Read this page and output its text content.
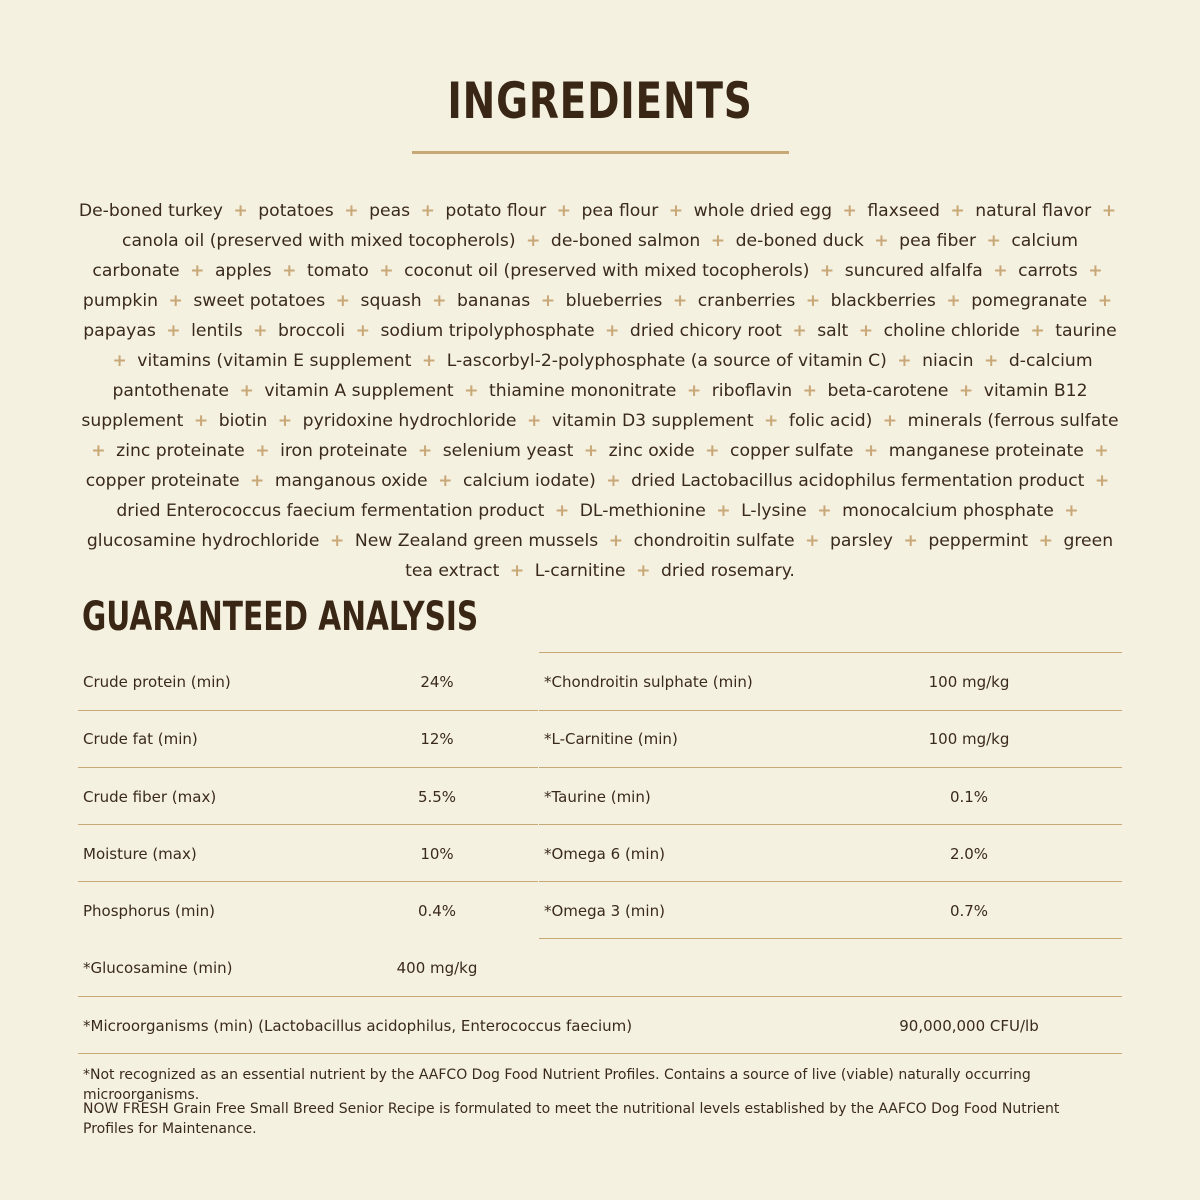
INGREDIENTS
De-boned turkey + potatoes + peas + potato flour + pea flour + whole dried egg + flaxseed + natural flavor + canola oil (preserved with mixed tocopherols) + de-boned salmon + de-boned duck + pea fiber + calcium carbonate + apples + tomato + coconut oil (preserved with mixed tocopherols) + suncured alfalfa + carrots + pumpkin + sweet potatoes + squash + bananas + blueberries + cranberries + blackberries + pomegranate + papayas + lentils + broccoli + sodium tripolyphosphate + dried chicory root + salt + choline chloride + taurine + vitamins (vitamin E supplement + L-ascorbyl-2-polyphosphate (a source of vitamin C) + niacin + d-calcium pantothenate + vitamin A supplement + thiamine mononitrate + riboflavin + beta-carotene + vitamin B12 supplement + biotin + pyridoxine hydrochloride + vitamin D3 supplement + folic acid) + minerals (ferrous sulfate + zinc proteinate + iron proteinate + selenium yeast + zinc oxide + copper sulfate + manganese proteinate + copper proteinate + manganous oxide + calcium iodate) + dried Lactobacillus acidophilus fermentation product + dried Enterococcus faecium fermentation product + DL-methionine + L-lysine + monocalcium phosphate + glucosamine hydrochloride + New Zealand green mussels + chondroitin sulfate + parsley + peppermint + green tea extract + L-carnitine + dried rosemary.
GUARANTEED ANALYSIS
Crude protein (min)	24%
Crude fat (min)	12%
Crude fiber (max)	5.5%
Moisture (max)	10%
Phosphorus (min)	0.4%
*Glucosamine (min)	400 mg/kg
*Chondroitin sulphate (min)	100 mg/kg
*L-Carnitine (min)	100 mg/kg
*Taurine (min)	0.1%
*Omega 6 (min)	2.0%
*Omega 3 (min)	0.7%
*Microorganisms (min) (Lactobacillus acidophilus, Enterococcus faecium)	90,000,000 CFU/lb
*Not recognized as an essential nutrient by the AAFCO Dog Food Nutrient Profiles. Contains a source of live (viable) naturally occurring microorganisms.
NOW FRESH Grain Free Small Breed Senior Recipe is formulated to meet the nutritional levels established by the AAFCO Dog Food Nutrient Profiles for Maintenance.
